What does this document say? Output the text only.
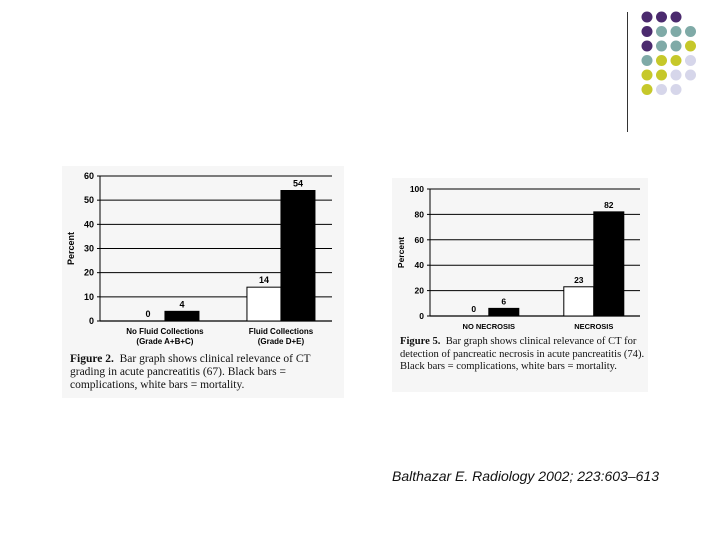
0
10
20
30
40
50
60
Percent
0
4
No Fluid Collections (Grade A+B+C)
14
54
Fluid Collections (Grade D+E)

Figure 2. Bar graph shows clinical relevance of CT grading in acute pancreatitis (67). Black bars = complications, white bars = mortality.

0
20
40
60
80
100
Percent
0
6
NO NECROSIS
23
82
NECROSIS

Figure 5. Bar graph shows clinical relevance of CT for detection of pancreatic necrosis in acute pancreatitis (74). Black bars = complications, white bars = mortality.

Balthazar E. Radiology 2002; 223:603–613
